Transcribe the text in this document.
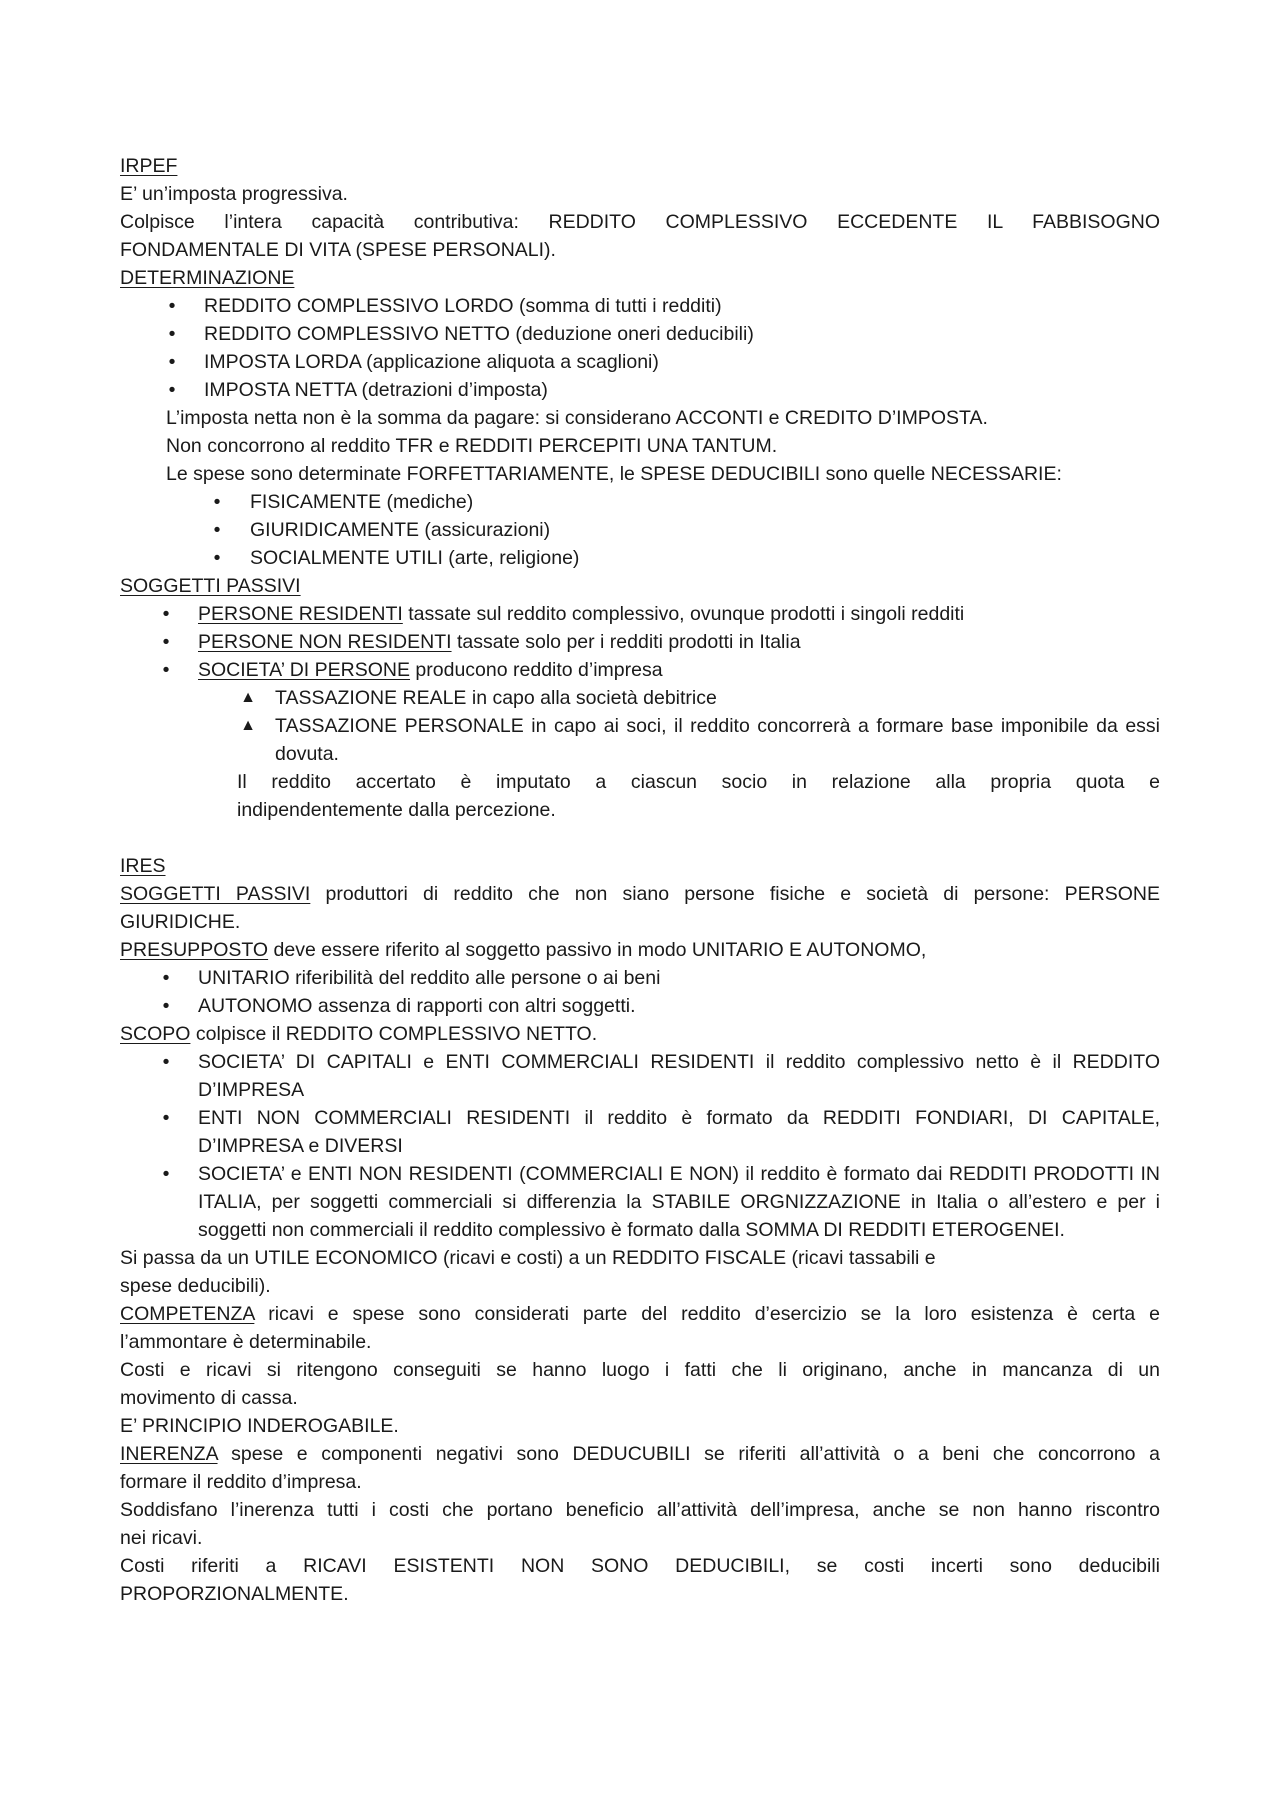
IRPEF

E’ un’imposta progressiva.

Colpisce l’intera capacità contributiva: REDDITO COMPLESSIVO ECCEDENTE IL FABBISOGNO

FONDAMENTALE DI VITA (SPESE PERSONALI).

DETERMINAZIONE

•	REDDITO COMPLESSIVO LORDO (somma di tutti i redditi)

•	REDDITO COMPLESSIVO NETTO (deduzione oneri deducibili)

•	IMPOSTA LORDA (applicazione aliquota a scaglioni)

•	IMPOSTA NETTA (detrazioni d’imposta)

L’imposta netta non è la somma da pagare: si considerano ACCONTI e CREDITO D’IMPOSTA.

Non concorrono al reddito TFR e REDDITI PERCEPITI UNA TANTUM.

Le spese sono determinate FORFETTARIAMENTE, le SPESE DEDUCIBILI sono quelle NECESSARIE:

•	FISICAMENTE (mediche)

•	GIURIDICAMENTE (assicurazioni)

•	SOCIALMENTE UTILI (arte, religione)

SOGGETTI PASSIVI

•	PERSONE RESIDENTI tassate sul reddito complessivo, ovunque prodotti i singoli redditi

•	PERSONE NON RESIDENTI tassate solo per i redditi prodotti in Italia

•	SOCIETA’ DI PERSONE producono reddito d’impresa

▲ TASSAZIONE REALE in capo alla società debitrice

▲ TASSAZIONE PERSONALE in capo ai soci, il reddito concorrerà a formare base imponibile da essi dovuta.

Il reddito accertato è imputato a ciascun socio in relazione alla propria quota e

indipendentemente dalla percezione.

IRES

SOGGETTI PASSIVI produttori di reddito che non siano persone fisiche e società di persone: PERSONE

GIURIDICHE.

PRESUPPOSTO deve essere riferito al soggetto passivo in modo UNITARIO E AUTONOMO,

•	UNITARIO riferibilità del reddito alle persone o ai beni

•	AUTONOMO assenza di rapporti con altri soggetti.

SCOPO colpisce il REDDITO COMPLESSIVO NETTO.

•	SOCIETA’ DI CAPITALI e ENTI COMMERCIALI RESIDENTI il reddito complessivo netto è il REDDITO D’IMPRESA

•	ENTI NON COMMERCIALI RESIDENTI il reddito è formato da REDDITI FONDIARI, DI CAPITALE, D’IMPRESA e DIVERSI

•	SOCIETA’ e ENTI NON RESIDENTI (COMMERCIALI E NON) il reddito è formato dai REDDITI PRODOTTI IN ITALIA, per soggetti commerciali si differenzia la STABILE ORGNIZZAZIONE in Italia o all’estero e per i soggetti non commerciali il reddito complessivo è formato dalla SOMMA DI REDDITI ETEROGENEI.

Si passa da un UTILE ECONOMICO (ricavi e costi) a un REDDITO FISCALE (ricavi tassabili e

spese deducibili).

COMPETENZA ricavi e spese sono considerati parte del reddito d’esercizio se la loro esistenza è certa e

l’ammontare è determinabile.

Costi e ricavi si ritengono conseguiti se hanno luogo i fatti che li originano, anche in mancanza di un

movimento di cassa.

E’ PRINCIPIO INDEROGABILE.

INERENZA spese e componenti negativi sono DEDUCUBILI se riferiti all’attività o a beni che concorrono a

formare il reddito d’impresa.

Soddisfano l’inerenza tutti i costi che portano beneficio all’attività dell’impresa, anche se non hanno riscontro

nei ricavi.

Costi riferiti a RICAVI ESISTENTI NON SONO DEDUCIBILI, se costi incerti sono deducibili

PROPORZIONALMENTE.
